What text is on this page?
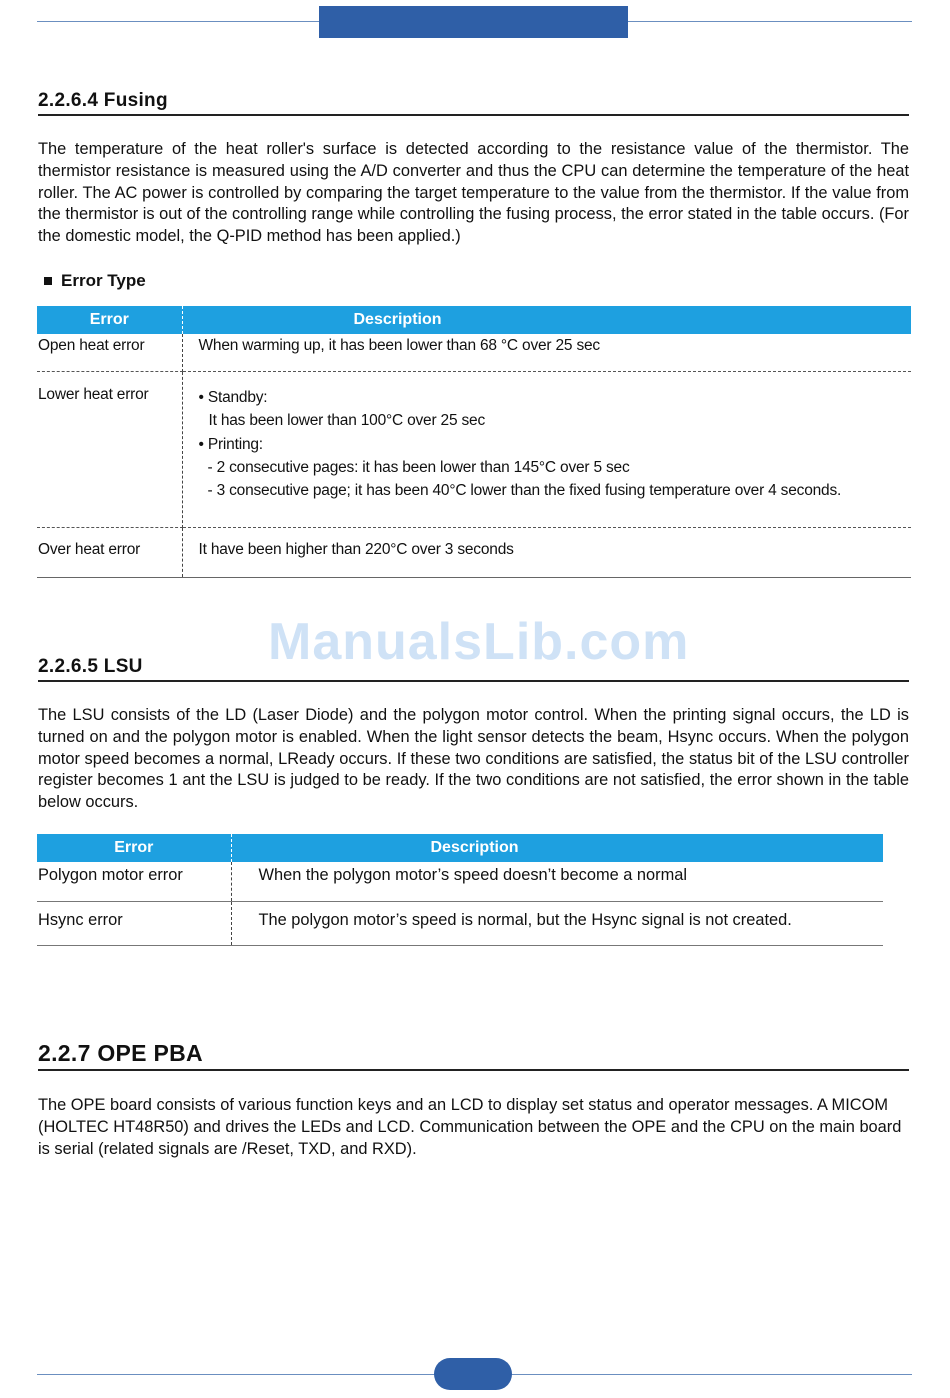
ManualsLib.com
2.2.6.4 Fusing

The temperature of the heat roller's surface is detected according to the resistance value of the thermistor. The thermistor resistance is measured using the A/D converter and thus the CPU can determine the temperature of the heat roller. The AC power is controlled by comparing the target temperature to the value from the thermistor. If the value from the thermistor is out of the controlling range while controlling the fusing process, the error stated in the table occurs. (For the domestic model, the Q-PID method has been applied.)

Error Type
Error	Description
Open heat error	When warming up, it has been lower than 68 °C over 25 sec

Lower heat error	• Standby:
It has been lower than 100°C over 25 sec
• Printing:
- 2 consecutive pages: it has been lower than 145°C over 5 sec
- 3 consecutive page; it has been 40°C lower than the fixed fusing temperature over 4 seconds.

Over heat error	It have been higher than 220°C over 3 seconds
2.2.6.5 LSU

The LSU consists of the LD (Laser Diode) and the polygon motor control. When the printing signal occurs, the LD is turned on and the polygon motor is enabled. When the light sensor detects the beam, Hsync occurs. When the polygon motor speed becomes a normal, LReady occurs. If these two conditions are satisfied, the status bit of the LSU controller register becomes 1 ant the LSU is judged to be ready. If the two conditions are not satisfied, the error shown in the table below occurs.

Error	Description
Polygon motor error	When the polygon motor’s speed doesn’t become a normal
Hsync error	The polygon motor’s speed is normal, but the Hsync signal is not created.
2.2.7 OPE PBA

The OPE board consists of various function keys and an LCD to display set status and operator messages. A MICOM (HOLTEC HT48R50) and drives the LEDs and LCD. Communication between the OPE and the CPU on the main board is serial (related signals are /Reset, TXD, and RXD).
